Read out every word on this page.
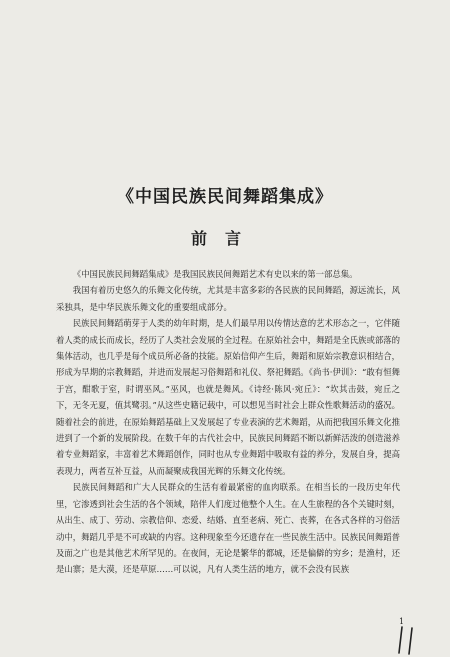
《中国民族民间舞蹈集成》
前言

《中国民族民间舞蹈集成》是我国民族民间舞蹈艺术有史以来的第一部总集。

我国有着历史悠久的乐舞文化传统，尤其是丰富多彩的各民族的民间舞蹈，源远流长，风采独具，是中华民族乐舞文化的重要组成部分。

民族民间舞蹈萌芽于人类的幼年时期，是人们最早用以传情达意的艺术形态之一，它伴随着人类的成长而成长，经历了人类社会发展的全过程。在原始社会中，舞蹈是全氏族或部落的集体活动，也几乎是每个成员所必备的技能。原始信仰产生后，舞蹈和原始宗教意识相结合，形成为早期的宗教舞蹈，并进而发展起习俗舞蹈和礼仪、祭祀舞蹈。《尚书·伊训》：“敢有恒舞于宫，酣歌于室，时谓巫风。”巫风，也就是舞风。《诗经·陈风·宛丘》：“坎其击鼓，宛丘之下，无冬无夏，值其鹭羽。”从这些史籍记载中，可以想见当时社会上群众性歌舞活动的盛况。随着社会的前进，在原始舞蹈基础上又发展起了专业表演的艺术舞蹈，从而把我国乐舞文化推进到了一个新的发展阶段。在数千年的古代社会中，民族民间舞蹈不断以新鲜活泼的创造滋养着专业舞蹈家，丰富着艺术舞蹈创作，同时也从专业舞蹈中吸取有益的养分，发展自身，提高表现力，两者互补互益，从而凝聚成我国光辉的乐舞文化传统。

民族民间舞蹈和广大人民群众的生活有着最紧密的血肉联系。在相当长的一段历史年代里，它渗透到社会生活的各个领域，陪伴人们度过他整个人生。在人生旅程的各个关键时刻，从出生、成丁、劳动、宗教信仰、恋爱、结婚、直至老病、死亡、丧葬，在各式各样的习俗活动中，舞蹈几乎是不可或缺的内容。这种现象至今还遗存在一些民族生活中。民族民间舞蹈普及面之广也是其他艺术所罕见的。在夜间，无论是繁华的都城，还是偏僻的穷乡；是渔村，还是山寨；是大漠，还是草原……可以说，凡有人类生活的地方，就不会没有民族

1
